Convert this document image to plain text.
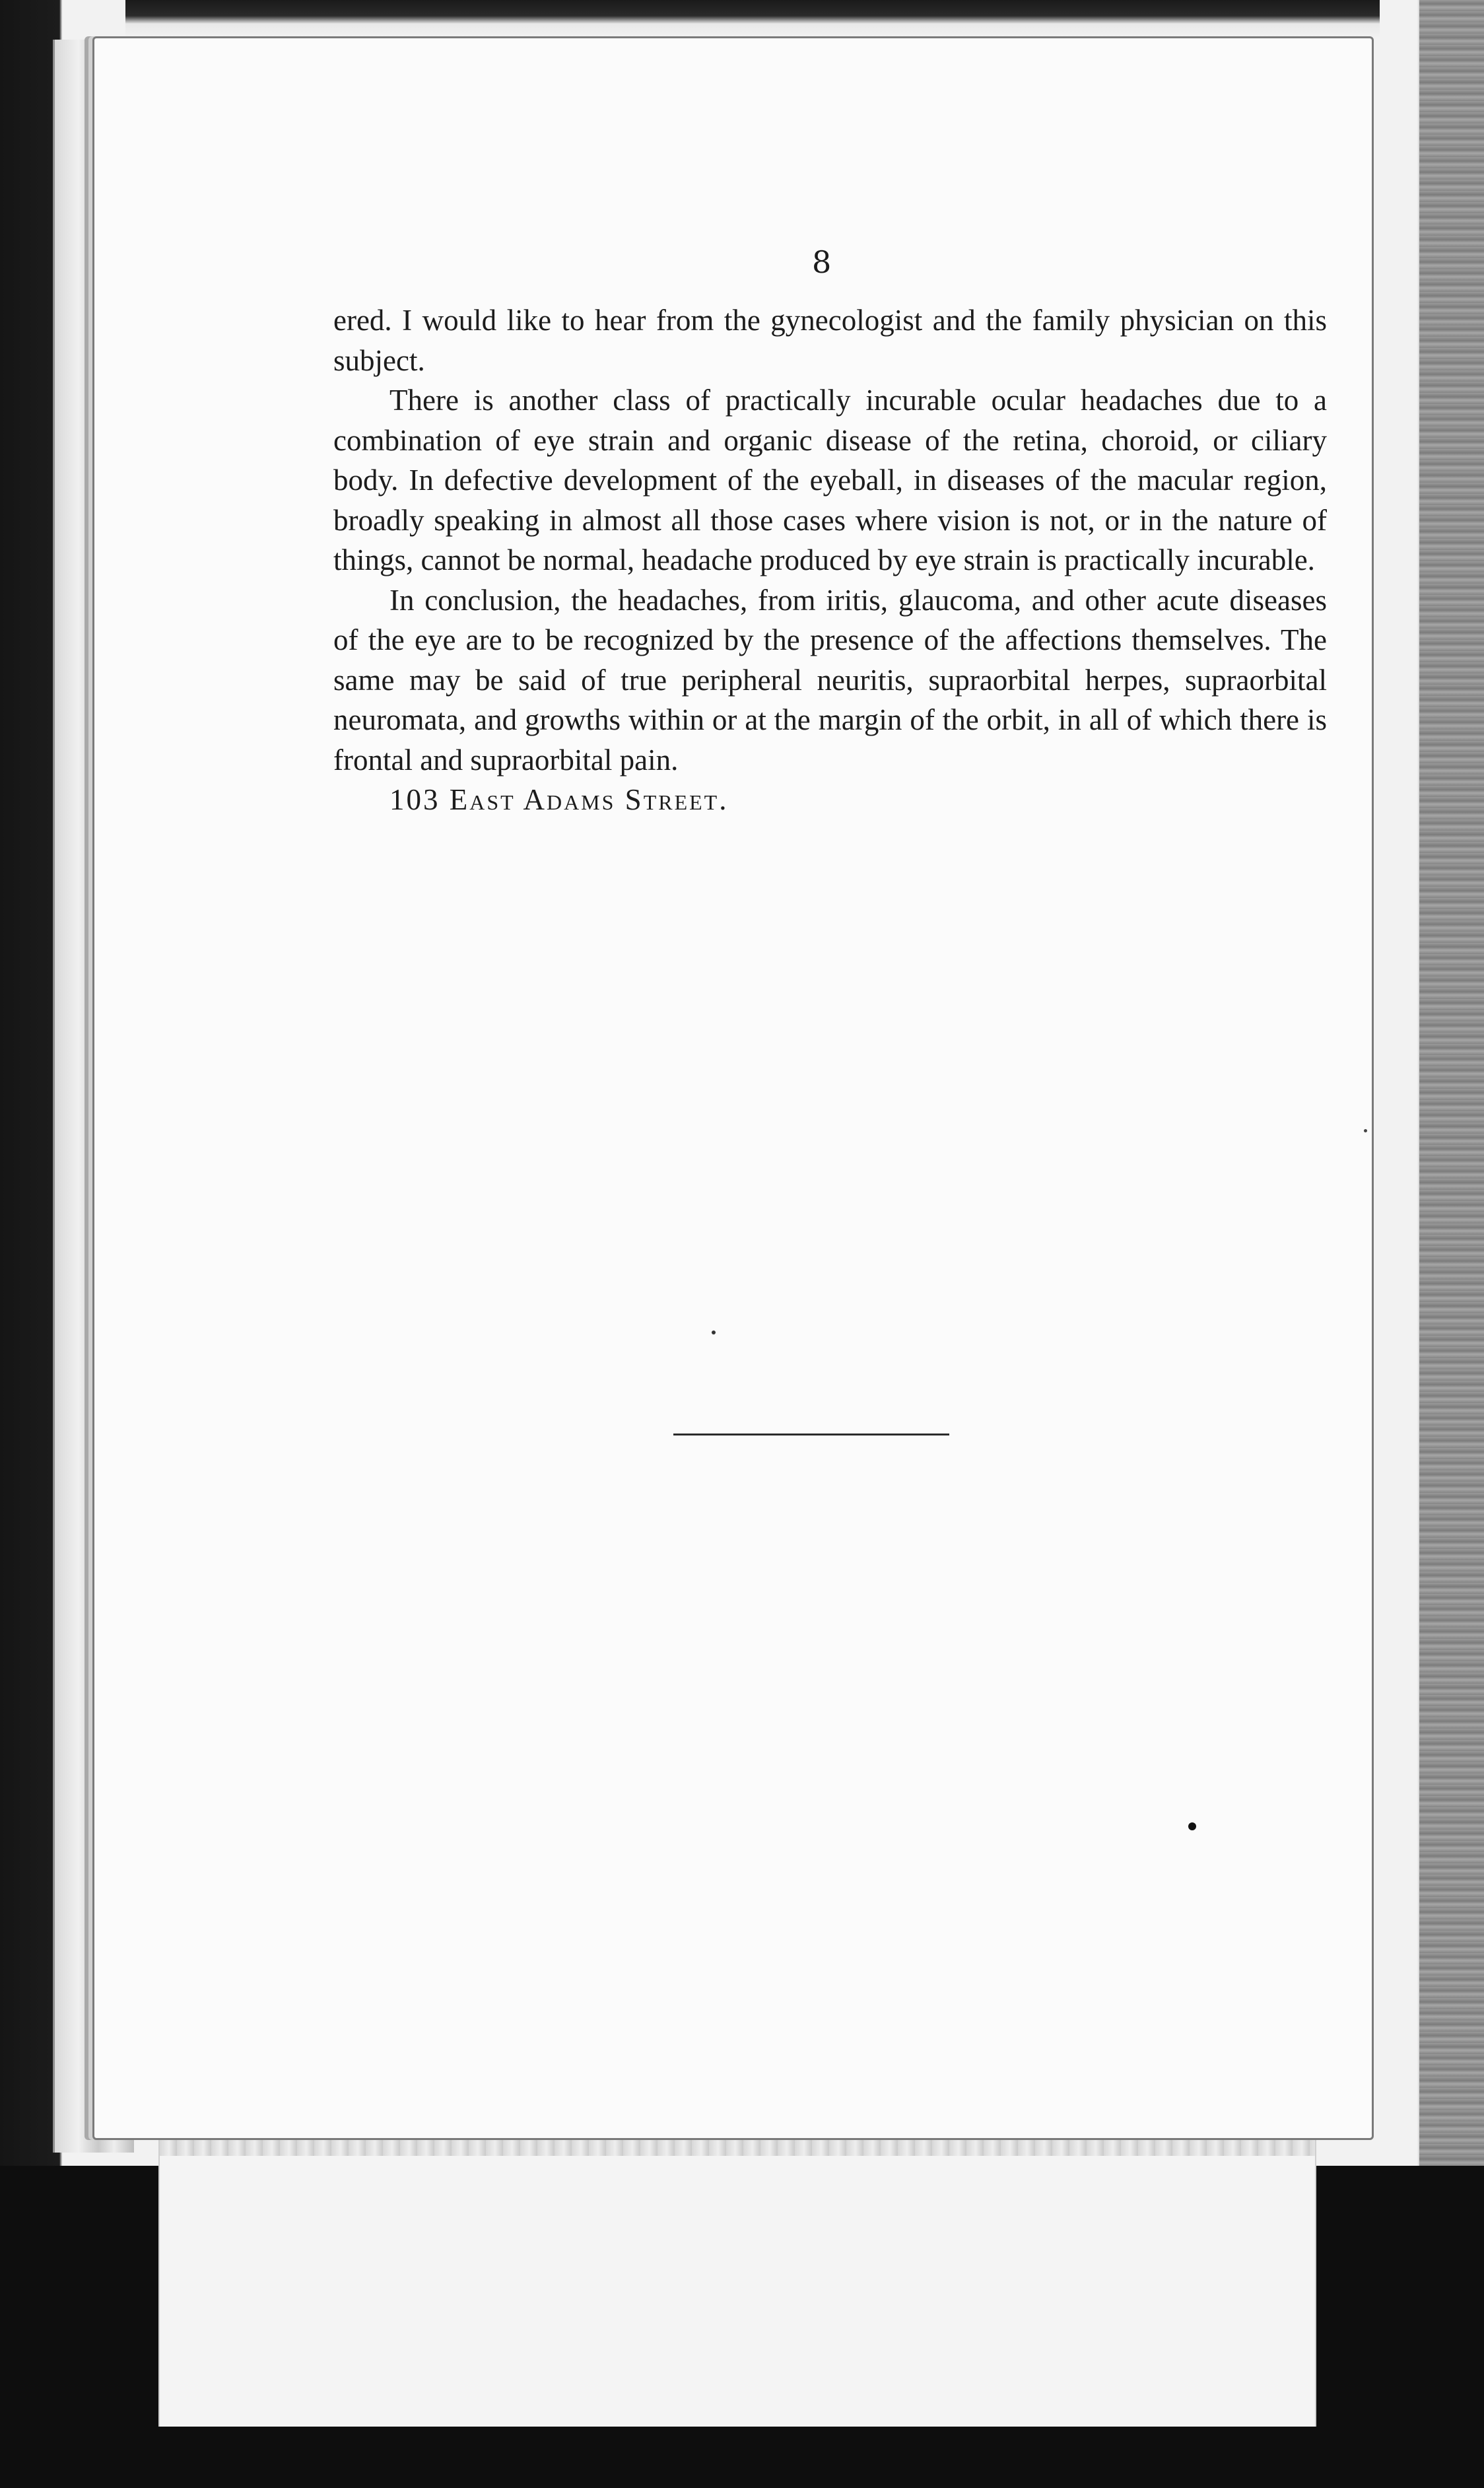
8

ered. I would like to hear from the gynecologist and the family physician on this subject.

There is another class of practically incurable ocular headaches due to a combination of eye strain and organic disease of the retina, choroid, or ciliary body. In defective development of the eyeball, in diseases of the macular region, broadly speaking in almost all those cases where vision is not, or in the nature of things, cannot be normal, headache produced by eye strain is practically incurable.

In conclusion, the headaches, from iritis, glaucoma, and other acute diseases of the eye are to be recognized by the presence of the affections themselves. The same may be said of true peripheral neuritis, supraorbital herpes, supraorbital neuromata, and growths within or at the margin of the orbit, in all of which there is frontal and supraorbital pain.

103 East Adams Street.
